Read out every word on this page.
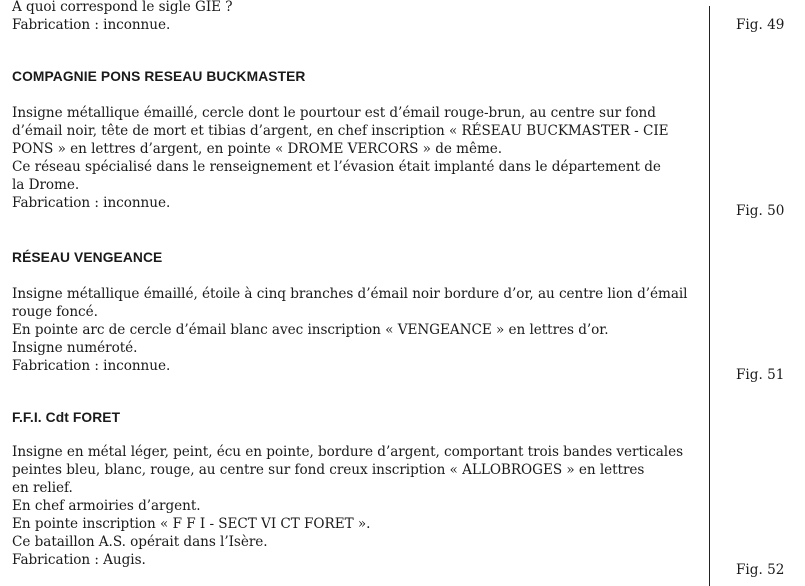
A quoi correspond le sigle GIE ?
Fabrication : inconnue.
COMPAGNIE PONS RESEAU BUCKMASTER
Insigne métallique émaillé, cercle dont le pourtour est d’émail rouge-brun, au centre sur fond
d’émail noir, tête de mort et tibias d’argent, en chef inscription « RÉSEAU BUCKMASTER - CIE
PONS » en lettres d’argent, en pointe « DROME VERCORS » de même.
Ce réseau spécialisé dans le renseignement et l’évasion était implanté dans le département de
la Drome.
Fabrication : inconnue.
RÉSEAU VENGEANCE
Insigne métallique émaillé, étoile à cinq branches d’émail noir bordure d’or, au centre lion d’émail
rouge foncé.
En pointe arc de cercle d’émail blanc avec inscription « VENGEANCE » en lettres d’or.
Insigne numéroté.
Fabrication : inconnue.
F.F.I. Cdt FORET
Insigne en métal léger, peint, écu en pointe, bordure d’argent, comportant trois bandes verticales
peintes bleu, blanc, rouge, au centre sur fond creux inscription « ALLOBROGES » en lettres
en relief.
En chef armoiries d’argent.
En pointe inscription « F F I - SECT VI CT FORET ».
Ce bataillon A.S. opérait dans l’Isère.
Fabrication : Augis.
Fig. 49
Fig. 50
Fig. 51
Fig. 52
